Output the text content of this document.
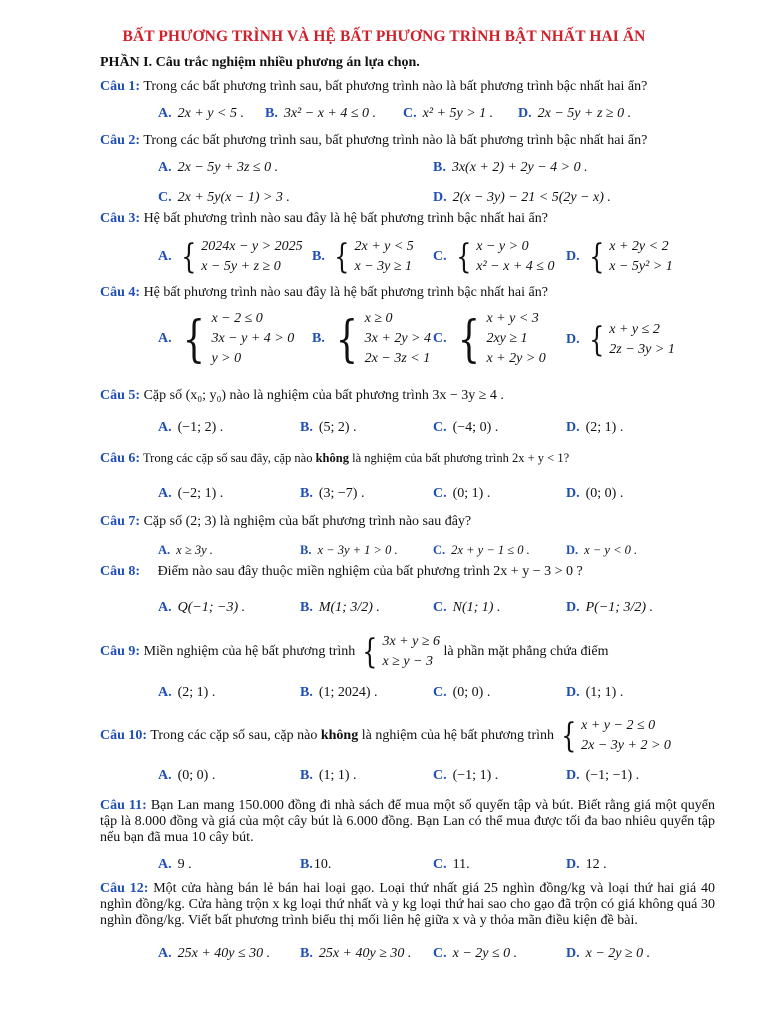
BẤT PHƯƠNG TRÌNH VÀ HỆ BẤT PHƯƠNG TRÌNH BẬT NHẤT HAI ẨN
PHẦN I. Câu trắc nghiệm nhiều phương án lựa chọn.
Câu 1: Trong các bất phương trình sau, bất phương trình nào là bất phương trình bậc nhất hai ẩn?
A. 2x + y < 5 . B. 3x² − x + 4 ≤ 0 . C. x² + 5y > 1 . D. 2x − 5y + z ≥ 0 .
Câu 2: Trong các bất phương trình sau, bất phương trình nào là bất phương trình bậc nhất hai ẩn?
A. 2x − 5y + 3z ≤ 0 .	B. 3x(x + 2) + 2y − 4 > 0 .
C. 2x + 5y(x − 1) > 3 .	D. 2(x − 3y) − 21 < 5(2y − x) .
Câu 3: Hệ bất phương trình nào sau đây là hệ bất phương trình bậc nhất hai ẩn?
A. { 2024x − y > 2025
x − 5y + z ≥ 0
B. { 2x + y < 5
x − 3y ≥ 1
C. { x − y > 0
x² − x + 4 ≤ 0
D. { x + 2y < 2
x − 5y² > 1
Câu 4: Hệ bất phương trình nào sau đây là hệ bất phương trình bậc nhất hai ẩn?
A. { x − 2 ≤ 0
3x − y + 4 > 0
y > 0
B. { x ≥ 0
3x + 2y > 4
2x − 3z < 1
C. { x + y < 3
2xy ≥ 1
x + 2y > 0
D. { x + y ≤ 2
2z − 3y > 1
Câu 5: Cặp số (x₀; y₀) nào là nghiệm của bất phương trình 3x − 3y ≥ 4 .
A. (−1; 2) .	B. (5; 2) .	C. (−4; 0) .	D. (2; 1) .
Câu 6: Trong các cặp số sau đây, cặp nào không là nghiệm của bất phương trình 2x + y < 1?
A. (−2; 1) .	B. (3; −7) .	C. (0; 1) .	D. (0; 0) .
Câu 7: Cặp số (2; 3) là nghiệm của bất phương trình nào sau đây?
A. x ≥ 3y .	B. x − 3y + 1 > 0 .	C. 2x + y − 1 ≤ 0 .	D. x − y < 0 .
Câu 8: Điểm nào sau đây thuộc miền nghiệm của bất phương trình 2x + y − 3 > 0 ?
A. Q(−1; −3) .	B. M(1; 3/2) .	C. N(1; 1) .	D. P(−1; 3/2) .
Câu 9: Miền nghiệm của hệ bất phương trình { 3x + y ≥ 6
x ≥ y − 3
là phần mặt phẳng chứa điểm
A. (2; 1) .	B. (1; 2024) .	C. (0; 0) .	D. (1; 1) .
Câu 10: Trong các cặp số sau, cặp nào không là nghiệm của hệ bất phương trình { x + y − 2 ≤ 0
2x − 3y + 2 > 0
A. (0; 0) .	B. (1; 1) .	C. (−1; 1) .	D. (−1; −1) .
Câu 11: Bạn Lan mang 150.000 đồng đi nhà sách để mua một số quyển tập và bút. Biết rằng giá một quyển tập là 8.000 đồng và giá của một cây bút là 6.000 đồng. Bạn Lan có thể mua được tối đa bao nhiêu quyển tập nếu bạn đã mua 10 cây bút.
A. 9 .	B.10.	C. 11.	D. 12 .
Câu 12: Một cửa hàng bán lẻ bán hai loại gạo. Loại thứ nhất giá 25 nghìn đồng/kg và loại thứ hai giá 40 nghìn đồng/kg. Cửa hàng trộn x kg loại thứ nhất và y kg loại thứ hai sao cho gạo đã trộn có giá không quá 30 nghìn đồng/kg. Viết bất phương trình biểu thị mối liên hệ giữa x và y thỏa mãn điều kiện đề bài.
A. 25x + 40y ≤ 30 . B. 25x + 40y ≥ 30 . C. x − 2y ≤ 0 .	D. x − 2y ≥ 0 .
